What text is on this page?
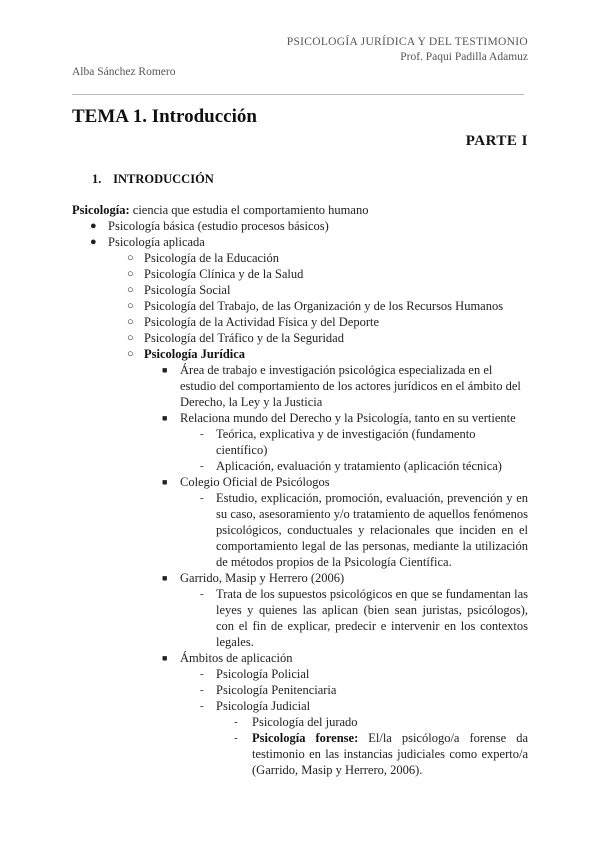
PSICOLOGÍA JURÍDICA Y DEL TESTIMONIO
Prof. Paqui Padilla Adamuz
Alba Sánchez Romero
TEMA 1. Introducción
PARTE I
1. INTRODUCCIÓN
Psicología: ciencia que estudia el comportamiento humano
● Psicología básica (estudio procesos básicos)
● Psicología aplicada
○ Psicología de la Educación
○ Psicología Clínica y de la Salud
○ Psicología Social
○ Psicología del Trabajo, de las Organización y de los Recursos Humanos
○ Psicología de la Actividad Física y del Deporte
○ Psicología del Tráfico y de la Seguridad
○ Psicología Jurídica
■ Área de trabajo e investigación psicológica especializada en el estudio del comportamiento de los actores jurídicos en el ámbito del Derecho, la Ley y la Justicia
■ Relaciona mundo del Derecho y la Psicología, tanto en su vertiente
- Teórica, explicativa y de investigación (fundamento científico)
- Aplicación, evaluación y tratamiento (aplicación técnica)
■ Colegio Oficial de Psicólogos
- Estudio, explicación, promoción, evaluación, prevención y en su caso, asesoramiento y/o tratamiento de aquellos fenómenos psicológicos, conductuales y relacionales que inciden en el comportamiento legal de las personas, mediante la utilización de métodos propios de la Psicología Científica.
■ Garrido, Masip y Herrero (2006)
- Trata de los supuestos psicológicos en que se fundamentan las leyes y quienes las aplican (bien sean juristas, psicólogos), con el fin de explicar, predecir e intervenir en los contextos legales.
■ Ámbitos de aplicación
- Psicología Policial
- Psicología Penitenciaria
- Psicología Judicial
- Psicología del jurado
- Psicología forense: El/la psicólogo/a forense da testimonio en las instancias judiciales como experto/a (Garrido, Masip y Herrero, 2006).
